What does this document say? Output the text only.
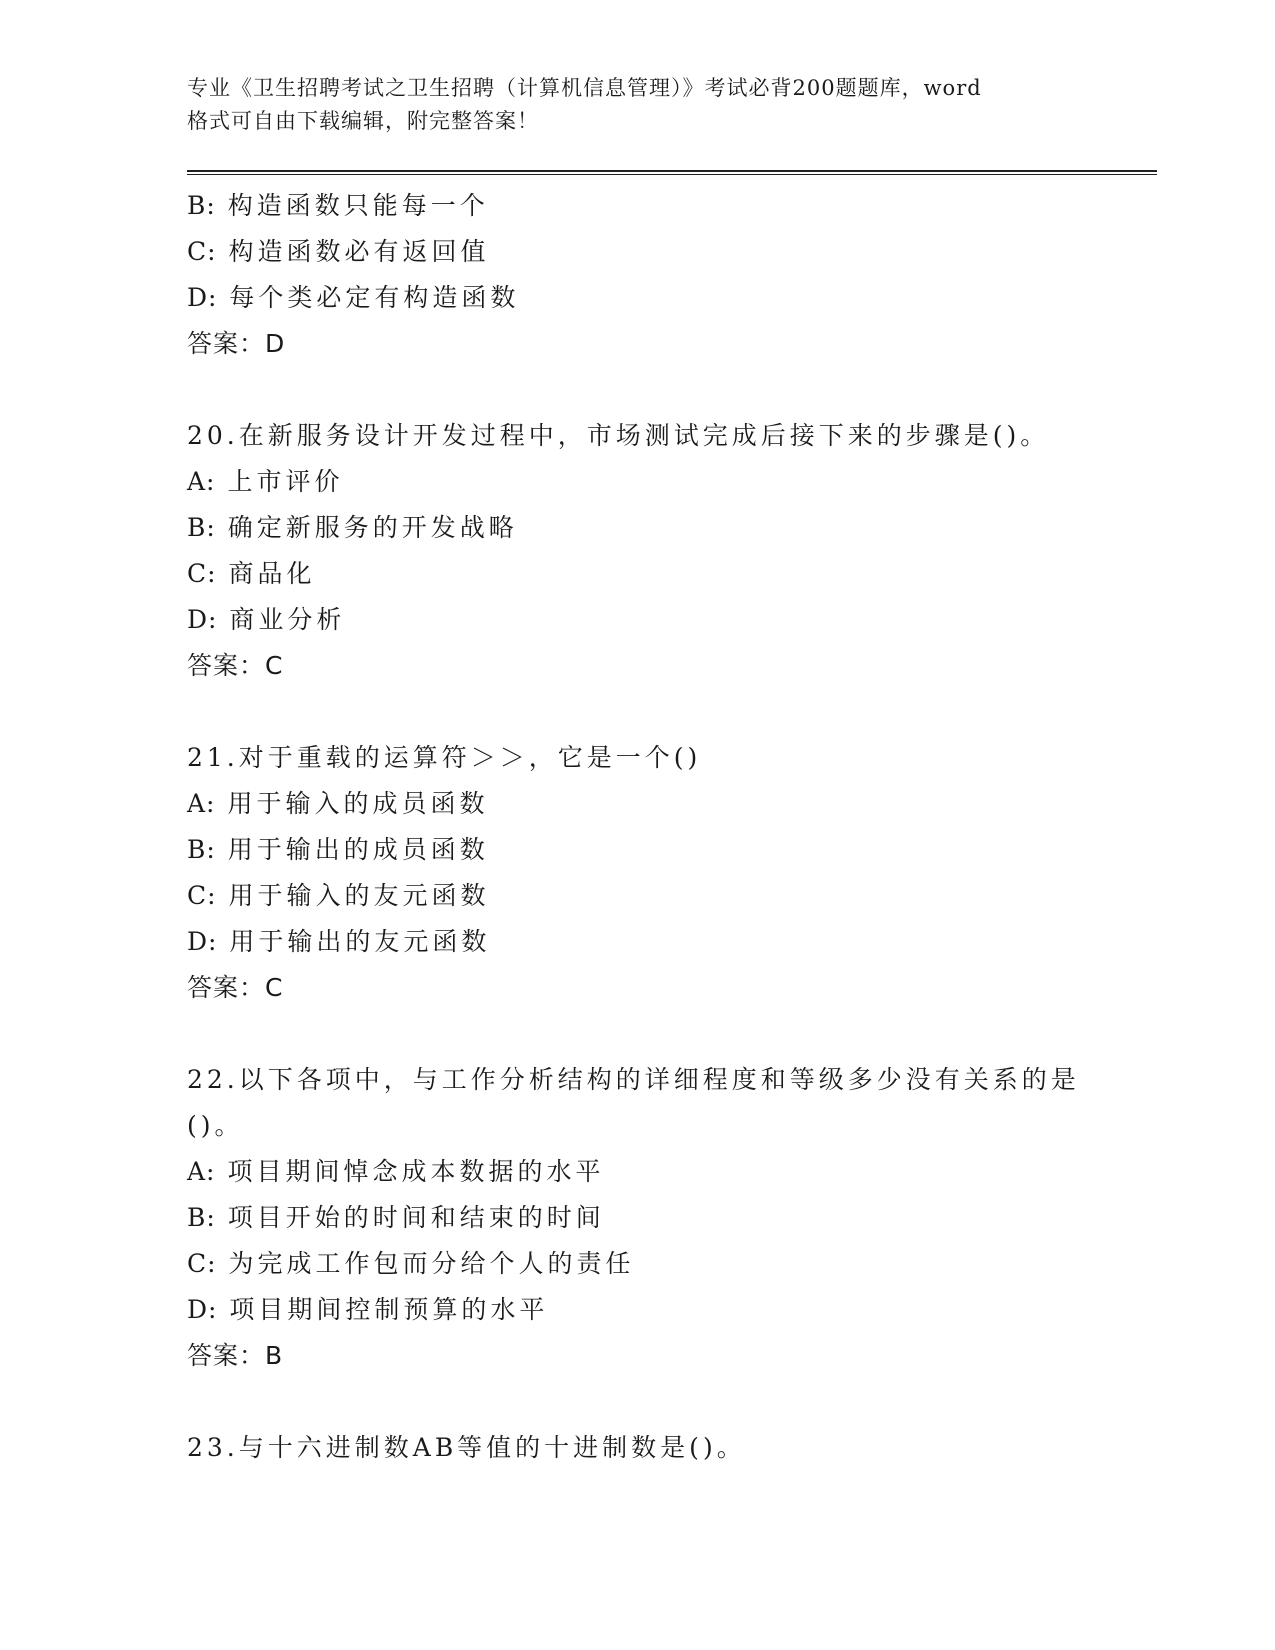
专业《卫生招聘考试之卫生招聘（计算机信息管理）》考试必背200题题库，word
格式可自由下载编辑，附完整答案！
B: 构造函数只能每一个
C: 构造函数必有返回值
D: 每个类必定有构造函数
答案：D
20.在新服务设计开发过程中，市场测试完成后接下来的步骤是()。
A: 上市评价
B: 确定新服务的开发战略
C: 商品化
D: 商业分析
答案：C
21.对于重载的运算符＞＞，它是一个()
A: 用于输入的成员函数
B: 用于输出的成员函数
C: 用于输入的友元函数
D: 用于输出的友元函数
答案：C
22.以下各项中，与工作分析结构的详细程度和等级多少没有关系的是
()。
A: 项目期间悼念成本数据的水平
B: 项目开始的时间和结束的时间
C: 为完成工作包而分给个人的责任
D: 项目期间控制预算的水平
答案：B
23.与十六进制数AB等值的十进制数是()。
